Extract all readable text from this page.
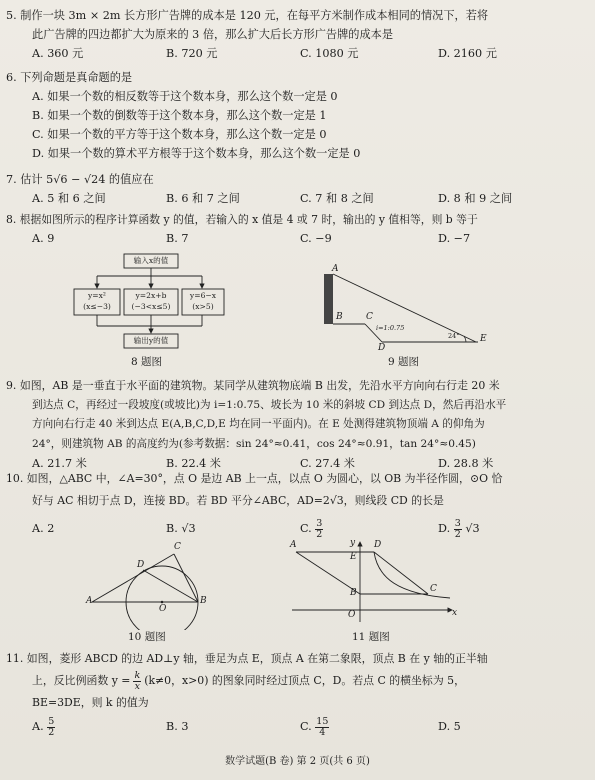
5. 制作一块 3m × 2m 长方形广告牌的成本是 120 元，在每平方米制作成本相同的情况下，若将
此广告牌的四边都扩大为原来的 3 倍，那么扩大后长方形广告牌的成本是
A. 360 元	B. 720 元	C. 1080 元	D. 2160 元
6. 下列命题是真命题的是
A. 如果一个数的相反数等于这个数本身，那么这个数一定是 0
B. 如果一个数的倒数等于这个数本身，那么这个数一定是 1
C. 如果一个数的平方等于这个数本身，那么这个数一定是 0
D. 如果一个数的算术平方根等于这个数本身，那么这个数一定是 0
7. 估计 5√6 − √24 的值应在
A. 5 和 6 之间	B. 6 和 7 之间	C. 7 和 8 之间	D. 8 和 9 之间
8. 根据如图所示的程序计算函数 y 的值，若输入的 x 值是 4 或 7 时，输出的 y 值相等，则 b 等于
A. 9	B. 7	C. −9	D. −7
输入x的值
y=x²
(x≤−3)
y=2x+b
(−3<x≤5)
y=6−x
(x>5)
输出y的值
8 题图
A
B	C
D
E
i=1:0.75
24°
9 题图
9. 如图，AB 是一垂直于水平面的建筑物。某同学从建筑物底端 B 出发，先沿水平方向向右行走 20 米
到达点 C，再经过一段坡度(或坡比)为 i=1:0.75、坡长为 10 米的斜坡 CD 到达点 D，然后再沿水平
方向向右行走 40 米到达点 E(A,B,C,D,E 均在同一平面内)。在 E 处测得建筑物顶端 A 的仰角为
24°，则建筑物 AB 的高度约为(参考数据：sin 24°≈0.41，cos 24°≈0.91，tan 24°≈0.45)
A. 21.7 米	B. 22.4 米	C. 27.4 米	D. 28.8 米
10. 如图，△ABC 中，∠A=30°，点 O 是边 AB 上一点，以点 O 为圆心，以 OB 为半径作圆，⊙O 恰
好与 AC 相切于点 D，连接 BD。若 BD 平分∠ABC，AD=2√3，则线段 CD 的长是
A. 2	B. √3	C. $\frac{3}{2}$	D. $\frac{3}{2} √3$
A	B
C
D
O
10 题图
y
x
O
A
B	C
D
E
11 题图
11. 如图，菱形 ABCD 的边 AD⊥y 轴，垂足为点 E，顶点 A 在第二象限，顶点 B 在 y 轴的正半轴
上，反比例函数 $y = \frac{k}{x} (k\ne 0$，x>0) 的图象同时经过顶点 C，D。若点 C 的横坐标为 5，
BE=3DE，则 k 的值为
A. $\frac{5}{2}$	B. 3	C. $\frac{15}{4}$	D. 5
数学试题(B 卷) 第 2 页(共 6 页)
